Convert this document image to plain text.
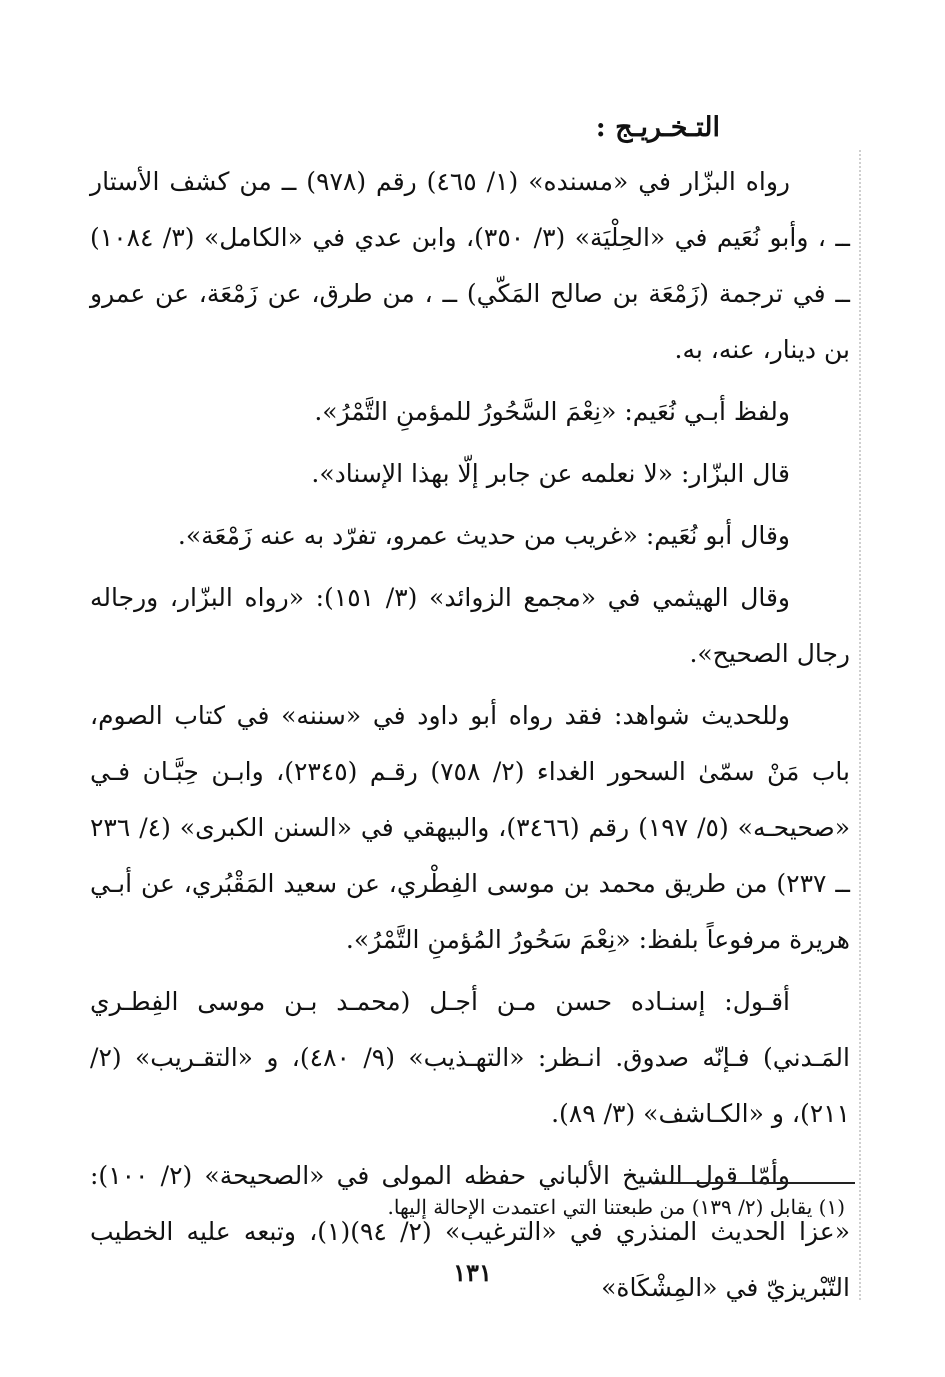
التـخـريـج :

رواه البزّار في «مسنده» (١/ ٤٦٥) رقم (٩٧٨) ــ من كشف الأستار ــ ، وأبو نُعَيم في «الحِلْيَة» (٣/ ٣٥٠)، وابن عدي في «الكامل» (٣/ ١٠٨٤) ــ في ترجمة (زَمْعَة بن صالح المَكّي) ــ ، من طرق، عن زَمْعَة، عن عمرو بن دينار، عنه، به.

ولفظ أبـي نُعَيم: «نِعْمَ السَّحُورُ للمؤمنِ التَّمْرُ».

قال البزّار: «لا نعلمه عن جابر إلّا بهذا الإسناد».

وقال أبو نُعَيم: «غريب من حديث عمرو، تفرّد به عنه زَمْعَة».

وقال الهيثمي في «مجمع الزوائد» (٣/ ١٥١): «رواه البزّار، ورجاله رجال الصحيح».

وللحديث شواهد: فقد رواه أبو داود في «سننه» في كتاب الصوم، باب مَنْ سمّىٰ السحور الغداء (٢/ ٧٥٨) رقـم (٢٣٤٥)، وابـن حِبَّـان فـي «صحيحـه» (٥/ ١٩٧) رقم (٣٤٦٦)، والبيهقي في «السنن الكبرى» (٤/ ٢٣٦ ــ ٢٣٧) من طريق محمد بن موسى الفِطْري، عن سعيد المَقْبُري، عن أبـي هريرة مرفوعاً بلفظ: «نِعْمَ سَحُورُ المُؤمنِ التَّمْرُ».

أقـول: إسنـاده حسن مـن أجـل (محمـد بـن موسى الفِطـري المَـدني) فـإنّه صدوق. انـظر: «التهـذيب» (٩/ ٤٨٠)، و «التقـريب» (٢/ ٢١١)، و «الكـاشف» (٣/ ٨٩).

وأمّا قول الشيخ الألباني حفظه المولى في «الصحيحة» (٢/ ١٠٠): «عزا الحديث المنذري في «الترغيب» (٢/ ٩٤)(١)، وتبعه عليه الخطيب التّبْريزيّ في «المِشْكَاة»

(١) يقابل (٢/ ١٣٩) من طبعتنا التي اعتمدت الإحالة إليها.
١٣١
